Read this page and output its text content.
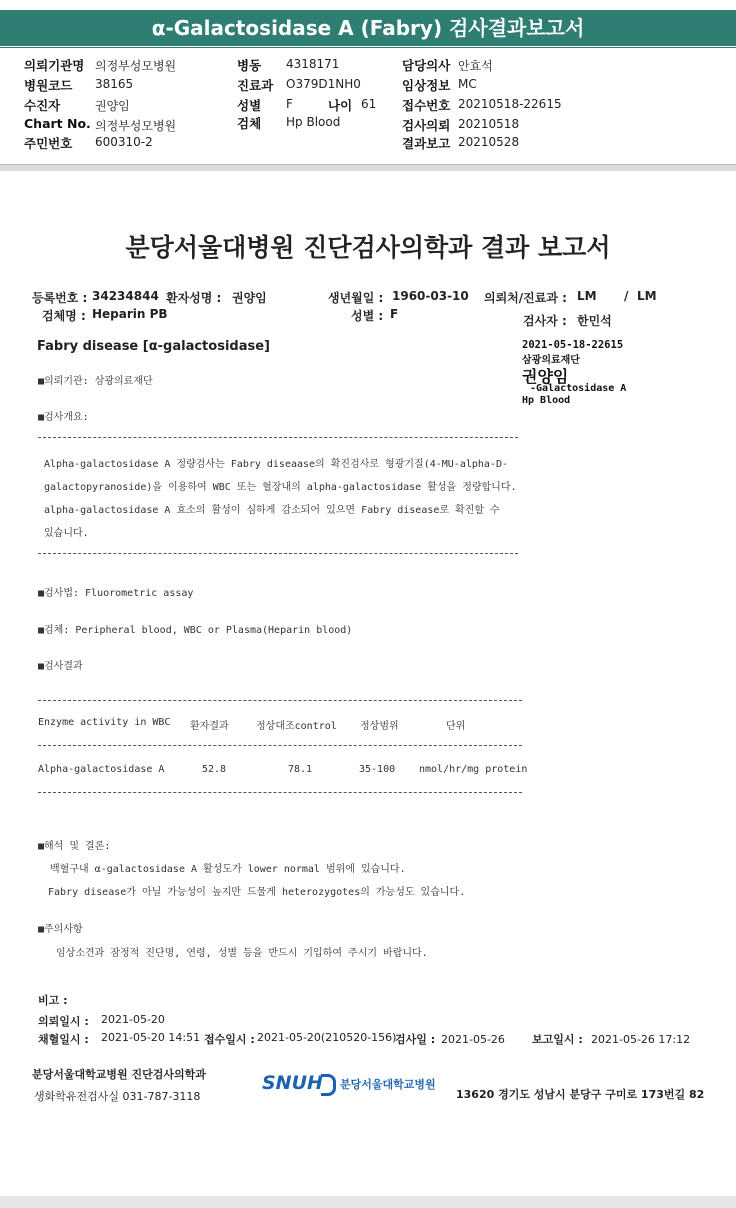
α-Galactosidase A (Fabry) 검사결과보고서
의뢰기관명 의정부성모병원	병동 4318171	담당의사 안효석
병원코드 38165	진료과 O379D1NH0	임상정보 MC
수진자	권양임	성별 F	나이 61 접수번호 20210518-22615
Chart No. 의정부성모병원	검체 Hp Blood	검사의뢰 20210518
주민번호 600310-2	결과보고 20210528
분당서울대병원 진단검사의학과 결과 보고서
등록번호 : 34234844 환자성명 : 권양임	생년월일 : 1960-03-10 의뢰처/진료과 : LM / LM
검체명 : Heparin PB	성별 : F	검사자 : 한민석
Fabry disease [α-galactosidase]	2021-05-18-22615
삼광의료재단
권양임
-Galactosidase A
Hp Blood
■의뢰기관: 삼광의료재단
■검사개요:
Alpha-galactosidase A 정량검사는 Fabry diseaase의 확진검사로 형광기질(4-MU-alpha-D-
galactopyranoside)을 이용하여 WBC 또는 혈장내의 alpha-galactosidase 활성을 정량합니다.
alpha-galactosidase A 효소의 활성이 심하게 감소되어 있으면 Fabry disease로 확진할 수
있습니다.
■검사법: Fluorometric assay
■검체: Peripheral blood, WBC or Plasma(Heparin blood)
■검사결과
Enzyme activity in WBC 환자결과	정상대조control 정상범위	단위
Alpha-galactosidase A	52.8	78.1	35-100 nmol/hr/mg protein
■해석 및 결론:
백혈구내 α-galactosidase A 활성도가 lower normal 범위에 있습니다.
Fabry disease가 아닐 가능성이 높지만 드물게 heterozygotes의 가능성도 있습니다.
■주의사항
임상소견과 잠정적 진단명, 연령, 성별 등을 반드시 기입하여 주시기 바랍니다.
비고 :
의뢰일시 : 2021-05-20
채혈일시 : 2021-05-20 14:51 접수일시 : 2021-05-20(210520-156)
검사일 : 2021-05-26 보고일시 : 2021-05-26 17:12
분당서울대학교병원 진단검사의학과
생화학유전검사실 031-787-3118
SNUH 분당서울대학교병원
13620 경기도 성남시 분당구 구미로 173번길 82
